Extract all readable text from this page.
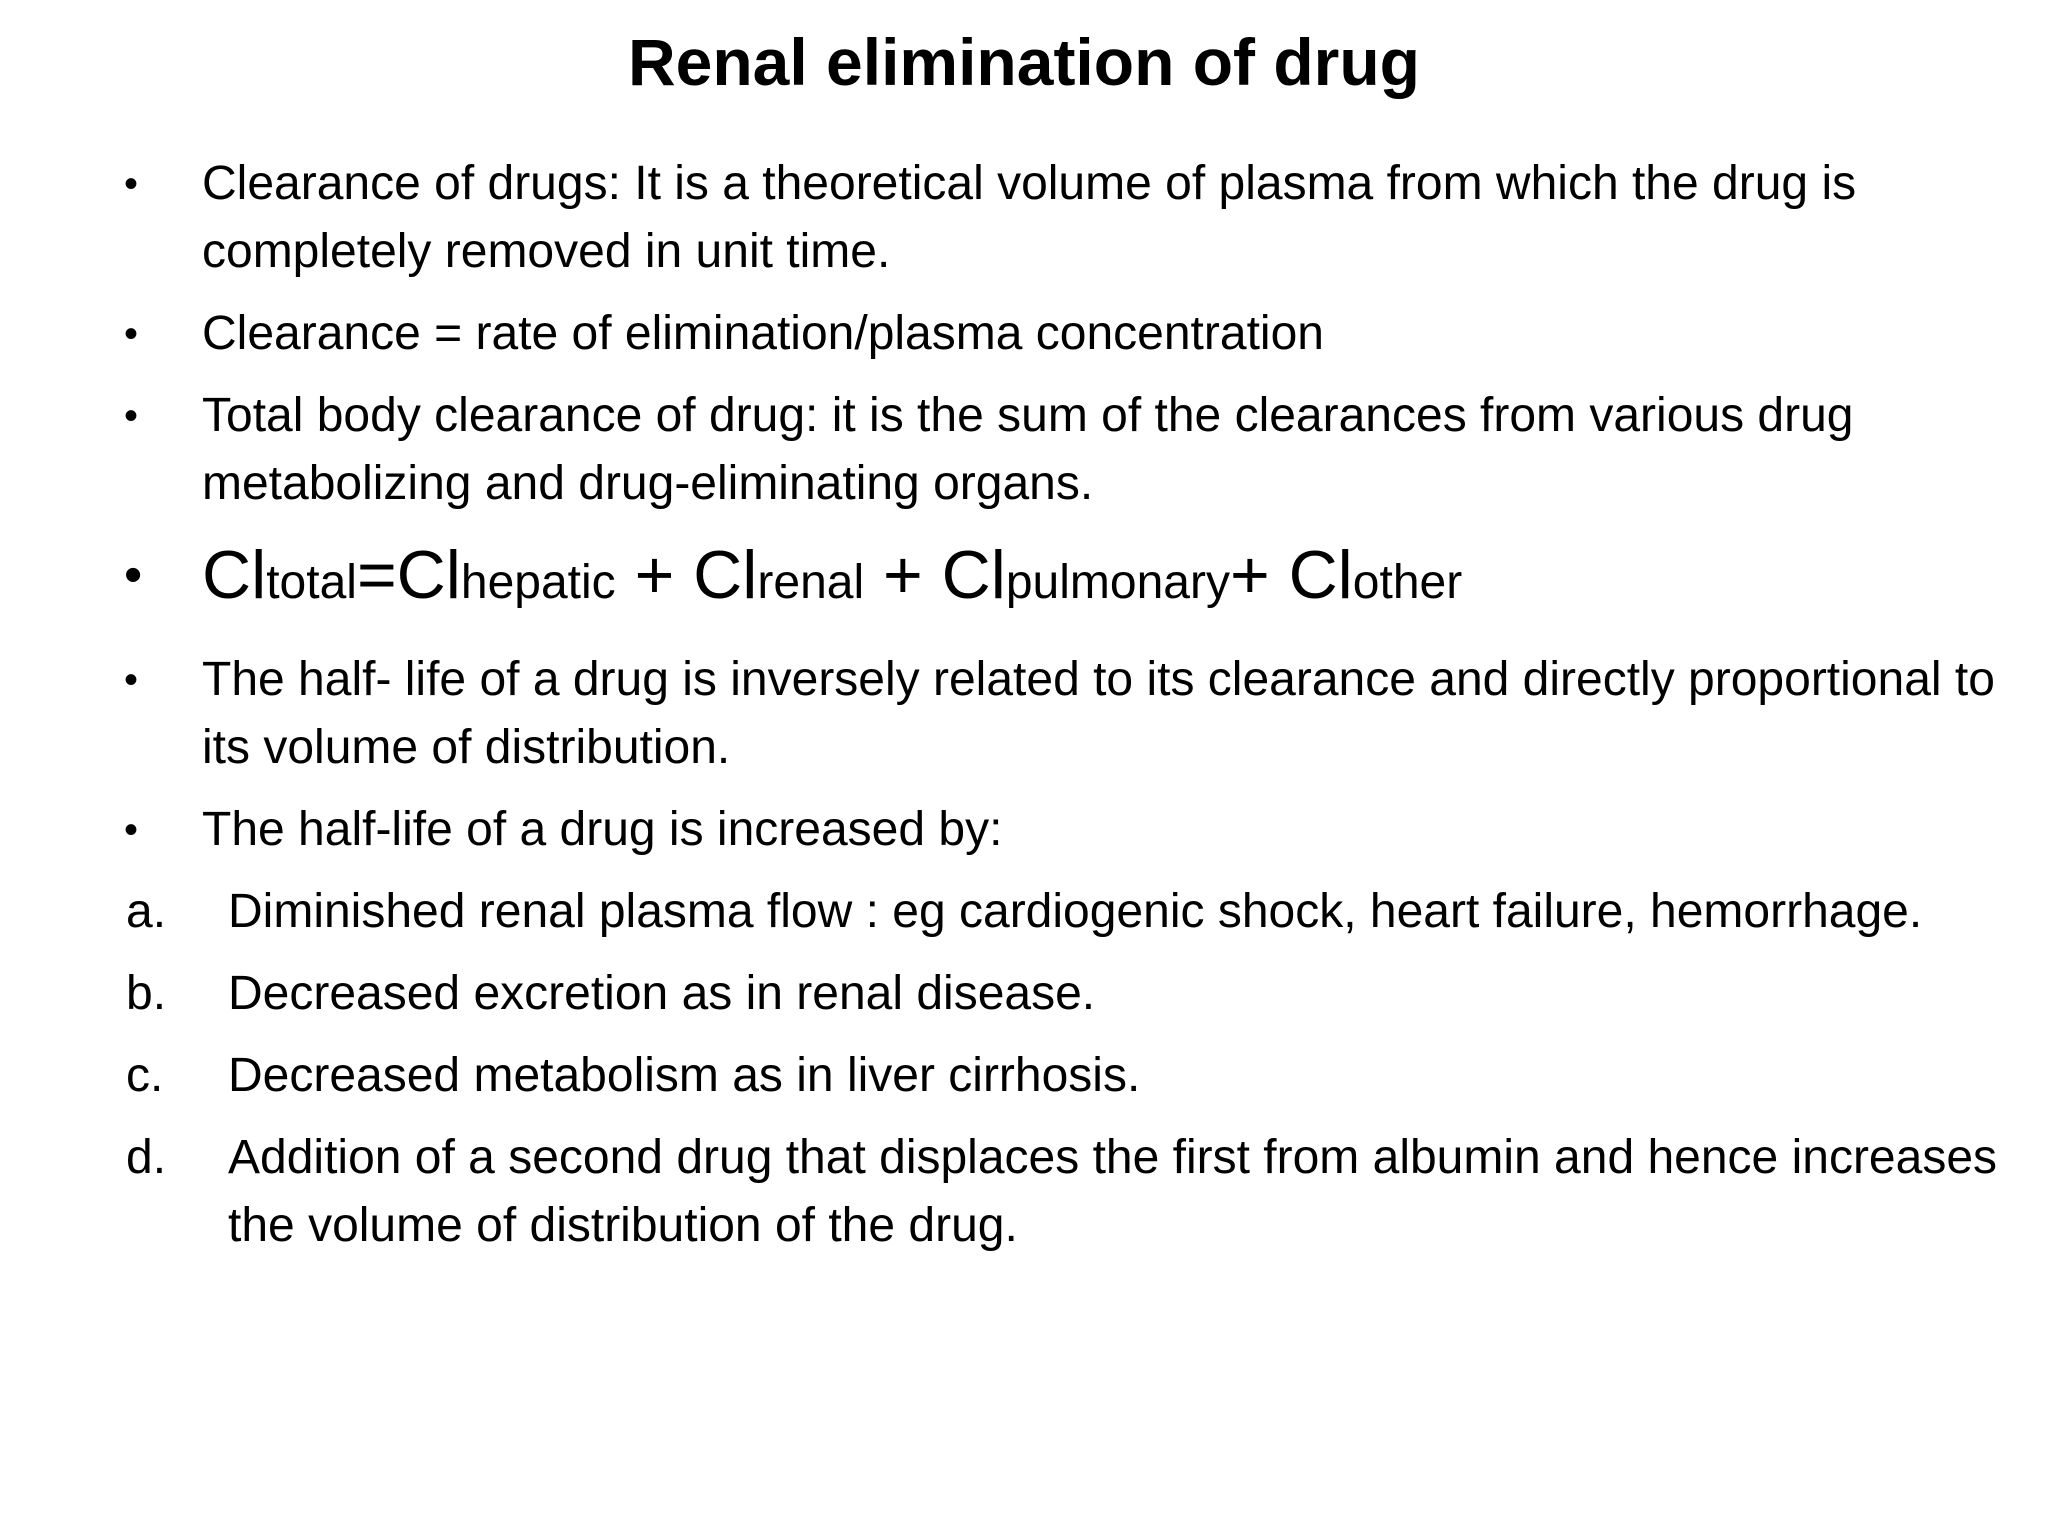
Renal elimination of drug
•	Clearance of drugs: It is a theoretical volume of plasma from which the drug is completely removed in unit time.
•	Clearance = rate of elimination/plasma concentration
•	Total body clearance of drug: it is the sum of the clearances from various drug metabolizing and drug-eliminating organs.
• Cltotal=Clhepatic + Clrenal + Clpulmonary+ Clother
•	The half- life of a drug is inversely related to its clearance and directly proportional to its volume of distribution.
•	The half-life of a drug is increased by:
a.	Diminished renal plasma flow : eg cardiogenic shock, heart failure, hemorrhage.
b.	Decreased excretion as in renal disease.
c.	Decreased metabolism as in liver cirrhosis.
d.	Addition of a second drug that displaces the first from albumin and hence increases the volume of distribution of the drug.
